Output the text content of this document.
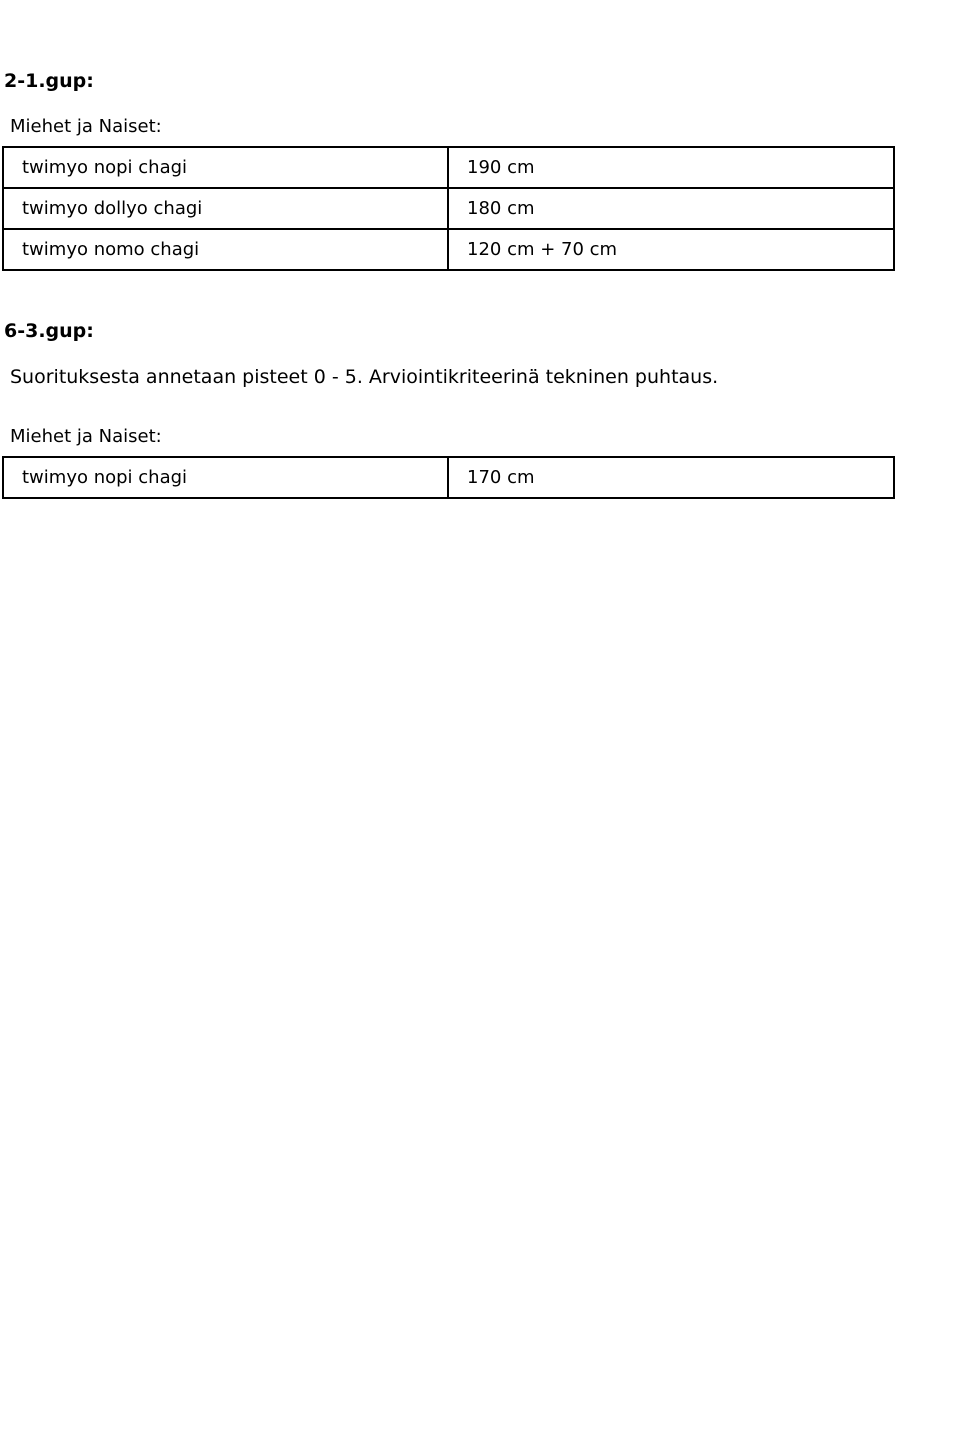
2-1.gup:

Miehet ja Naiset:

twimyo nopi chagi	190 cm
twimyo dollyo chagi	180 cm
twimyo nomo chagi	120 cm + 70 cm
6-3.gup:

Suorituksesta annetaan pisteet 0 - 5. Arviointikriteerinä tekninen puhtaus.

Miehet ja Naiset:

twimyo nopi chagi	170 cm
